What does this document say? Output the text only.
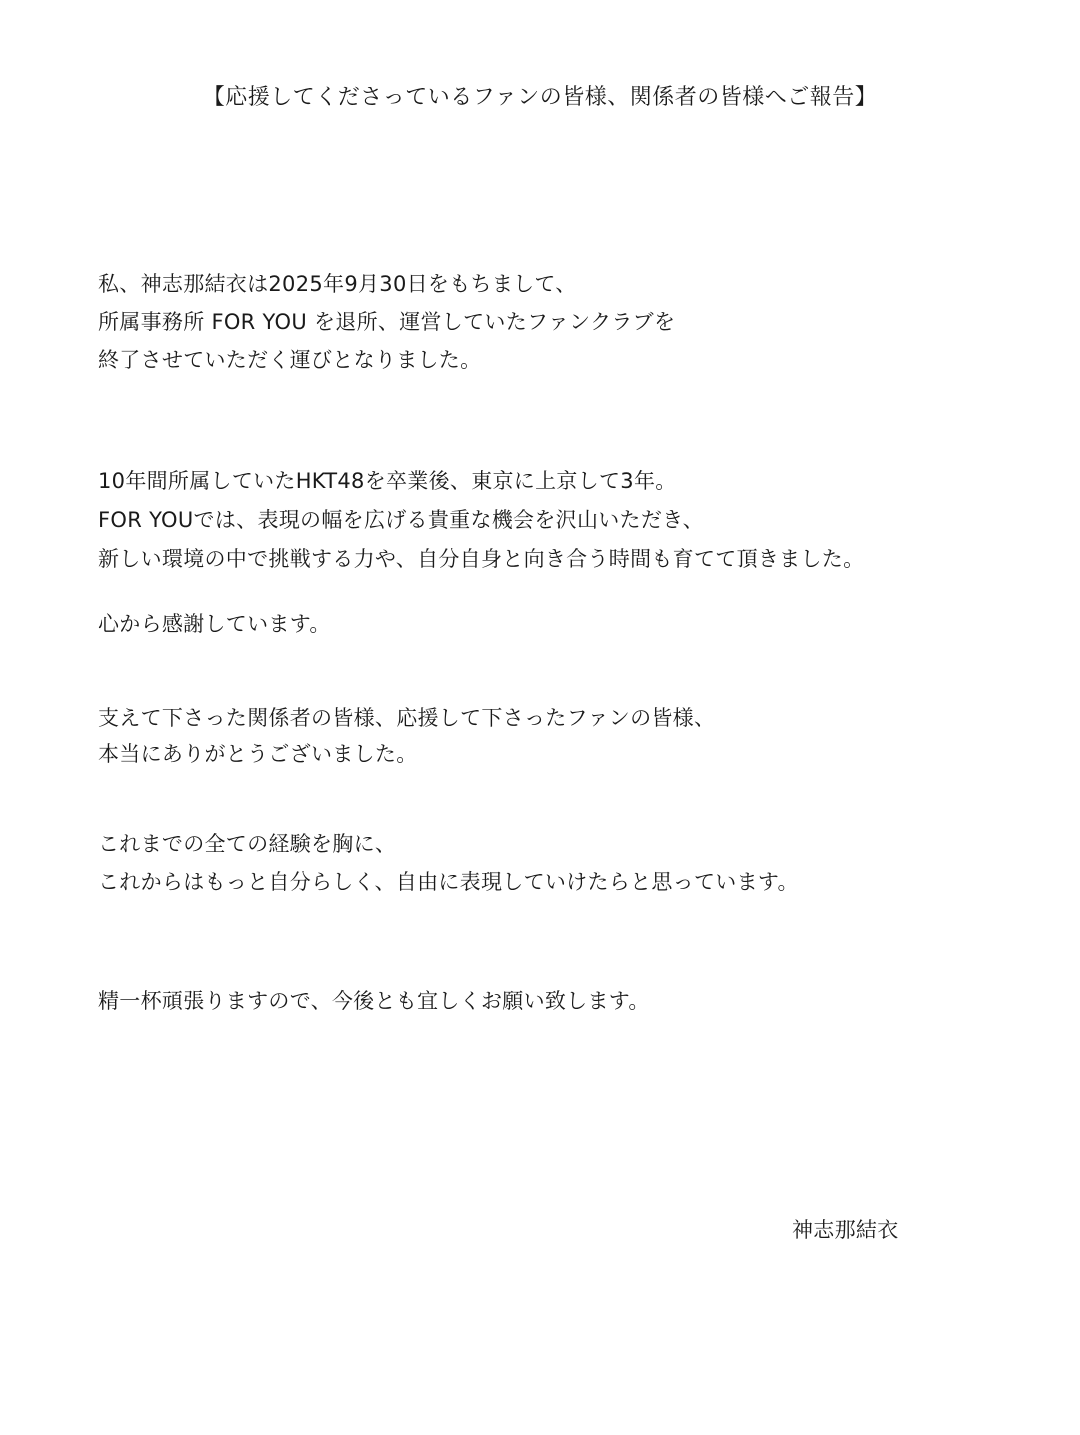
【応援してくださっているファンの皆様、関係者の皆様へご報告】
私、神志那結衣は2025年9月30日をもちまして、
所属事務所 FOR YOU を退所、運営していたファンクラブを
終了させていただく運びとなりました。
10年間所属していたHKT48を卒業後、東京に上京して3年。
FOR YOUでは、表現の幅を広げる貴重な機会を沢山いただき、
新しい環境の中で挑戦する力や、自分自身と向き合う時間も育てて頂きました。
心から感謝しています。
支えて下さった関係者の皆様、応援して下さったファンの皆様、
本当にありがとうございました。
これまでの全ての経験を胸に、
これからはもっと自分らしく、自由に表現していけたらと思っています。
精一杯頑張りますので、今後とも宜しくお願い致します。
神志那結衣
